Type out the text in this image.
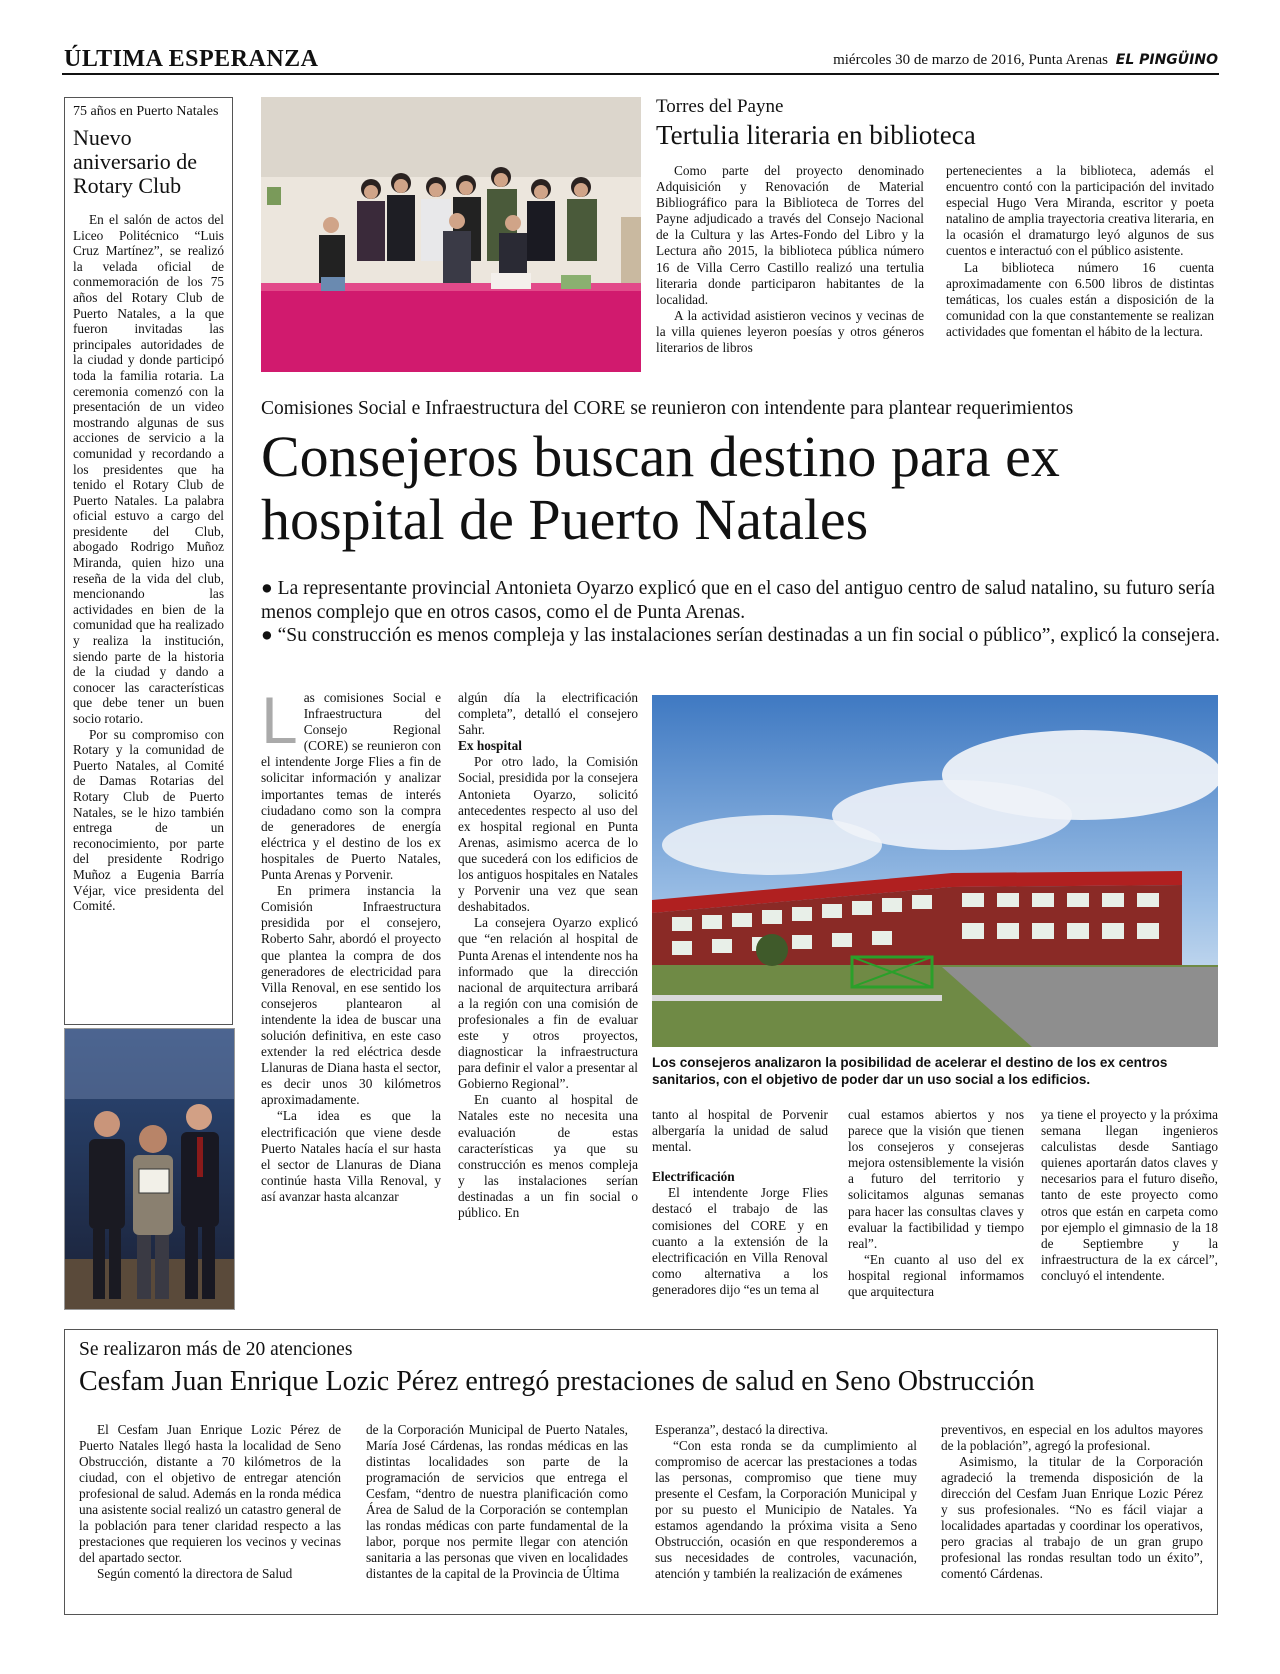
ÚLTIMA ESPERANZA	miércoles 30 de marzo de 2016, Punta Arenas EL PINGÜINO
75 años en Puerto Natales
Nuevo aniversario de Rotary Club

En el salón de actos del Liceo Politécnico “Luis Cruz Martínez”, se realizó la velada oficial de conmemoración de los 75 años del Rotary Club de Puerto Natales, a la que fueron invitadas las principales autoridades de la ciudad y donde participó toda la familia rotaria. La ceremonia comenzó con la presentación de un video mostrando algunas de sus acciones de servicio a la comunidad y recordando a los presidentes que ha tenido el Rotary Club de Puerto Natales. La palabra oficial estuvo a cargo del presidente del Club, abogado Rodrigo Muñoz Miranda, quien hizo una reseña de la vida del club, mencionando las actividades en bien de la comunidad que ha realizado y realiza la institución, siendo parte de la historia de la ciudad y dando a conocer las características que debe tener un buen socio rotario.

Por su compromiso con Rotary y la comunidad de Puerto Natales, al Comité de Damas Rotarias del Rotary Club de Puerto Natales, se le hizo también entrega de un reconocimiento, por parte del presidente Rodrigo Muñoz a Eugenia Barría Véjar, vice presidenta del Comité.

Torres del Payne
Tertulia literaria en biblioteca

Como parte del proyecto denominado Adquisición y Renovación de Material Bibliográfico para la Biblioteca de Torres del Payne adjudicado a través del Consejo Nacional de la Cultura y las Artes-Fondo del Libro y la Lectura año 2015, la biblioteca pública número 16 de Villa Cerro Castillo realizó una tertulia literaria donde participaron habitantes de la localidad.

A la actividad asistieron vecinos y vecinas de la villa quienes leyeron poesías y otros géneros literarios de libros

pertenecientes a la biblioteca, además el encuentro contó con la participación del invitado especial Hugo Vera Miranda, escritor y poeta natalino de amplia trayectoria creativa literaria, en la ocasión el dramaturgo leyó algunos de sus cuentos e interactuó con el público asistente.

La biblioteca número 16 cuenta aproximadamente con 6.500 libros de distintas temáticas, los cuales están a disposición de la comunidad con la que constantemente se realizan actividades que fomentan el hábito de la lectura.

Comisiones Social e Infraestructura del CORE se reunieron con intendente para plantear requerimientos
Consejeros buscan destino para ex hospital de Puerto Natales
● La representante provincial Antonieta Oyarzo explicó que en el caso del antiguo centro de salud natalino, su futuro sería menos complejo que en otros casos, como el de Punta Arenas.
● “Su construcción es menos compleja y las instalaciones serían destinadas a un fin social o público”, explicó la consejera.

Las comisiones Social e Infraestructura del Consejo Regional (CORE) se reunieron con el intendente Jorge Flies a fin de solicitar información y analizar importantes temas de interés ciudadano como son la compra de generadores de energía eléctrica y el destino de los ex hospitales de Puerto Natales, Punta Arenas y Porvenir.

En primera instancia la Comisión Infraestructura presidida por el consejero, Roberto Sahr, abordó el proyecto que plantea la compra de dos generadores de electricidad para Villa Renoval, en ese sentido los consejeros plantearon al intendente la idea de buscar una solución definitiva, en este caso extender la red eléctrica desde Llanuras de Diana hasta el sector, es decir unos 30 kilómetros aproximadamente.

“La idea es que la electrificación que viene desde Puerto Natales hacía el sur hasta el sector de Llanuras de Diana continúe hasta Villa Renoval, y así avanzar hasta alcanzar

algún día la electrificación completa”, detalló el consejero Sahr.

Ex hospital

Por otro lado, la Comisión Social, presidida por la consejera Antonieta Oyarzo, solicitó antecedentes respecto al uso del ex hospital regional en Punta Arenas, asimismo acerca de lo que sucederá con los edificios de los antiguos hospitales en Natales y Porvenir una vez que sean deshabitados.

La consejera Oyarzo explicó que “en relación al hospital de Punta Arenas el intendente nos ha informado que la dirección nacional de arquitectura arribará a la región con una comisión de profesionales a fin de evaluar este y otros proyectos, diagnosticar la infraestructura para definir el valor a presentar al Gobierno Regional”.

En cuanto al hospital de Natales este no necesita una evaluación de estas características ya que su construcción es menos compleja y las instalaciones serían destinadas a un fin social o público. En

Los consejeros analizaron la posibilidad de acelerar el destino de los ex centros sanitarios, con el objetivo de poder dar un uso social a los edificios.

tanto al hospital de Porvenir albergaría la unidad de salud mental.

Electrificación

El intendente Jorge Flies destacó el trabajo de las comisiones del CORE y en cuanto a la extensión de la electrificación en Villa Renoval como alternativa a los generadores dijo “es un tema al

cual estamos abiertos y nos parece que la visión que tienen los consejeros y consejeras mejora ostensiblemente la visión a futuro del territorio y solicitamos algunas semanas para hacer las consultas claves y evaluar la factibilidad y tiempo real”.

“En cuanto al uso del ex hospital regional informamos que arquitectura

ya tiene el proyecto y la próxima semana llegan ingenieros calculistas desde Santiago quienes aportarán datos claves y necesarios para el futuro diseño, tanto de este proyecto como otros que están en carpeta como por ejemplo el gimnasio de la 18 de Septiembre y la infraestructura de la ex cárcel”, concluyó el intendente.

Se realizaron más de 20 atenciones
Cesfam Juan Enrique Lozic Pérez entregó prestaciones de salud en Seno Obstrucción

El Cesfam Juan Enrique Lozic Pérez de Puerto Natales llegó hasta la localidad de Seno Obstrucción, distante a 70 kilómetros de la ciudad, con el objetivo de entregar atención profesional de salud. Además en la ronda médica una asistente social realizó un catastro general de la población para tener claridad respecto a las prestaciones que requieren los vecinos y vecinas del apartado sector.

Según comentó la directora de Salud

de la Corporación Municipal de Puerto Natales, María José Cárdenas, las rondas médicas en las distintas localidades son parte de la programación de servicios que entrega el Cesfam, “dentro de nuestra planificación como Área de Salud de la Corporación se contemplan las rondas médicas con parte fundamental de la labor, porque nos permite llegar con atención sanitaria a las personas que viven en localidades distantes de la capital de la Provincia de Última

Esperanza”, destacó la directiva.

“Con esta ronda se da cumplimiento al compromiso de acercar las prestaciones a todas las personas, compromiso que tiene muy presente el Cesfam, la Corporación Municipal y por su puesto el Municipio de Natales. Ya estamos agendando la próxima visita a Seno Obstrucción, ocasión en que responderemos a sus necesidades de controles, vacunación, atención y también la realización de exámenes

preventivos, en especial en los adultos mayores de la población”, agregó la profesional.

Asimismo, la titular de la Corporación agradeció la tremenda disposición de la dirección del Cesfam Juan Enrique Lozic Pérez y sus profesionales. “No es fácil viajar a localidades apartadas y coordinar los operativos, pero gracias al trabajo de un gran grupo profesional las rondas resultan todo un éxito”, comentó Cárdenas.
